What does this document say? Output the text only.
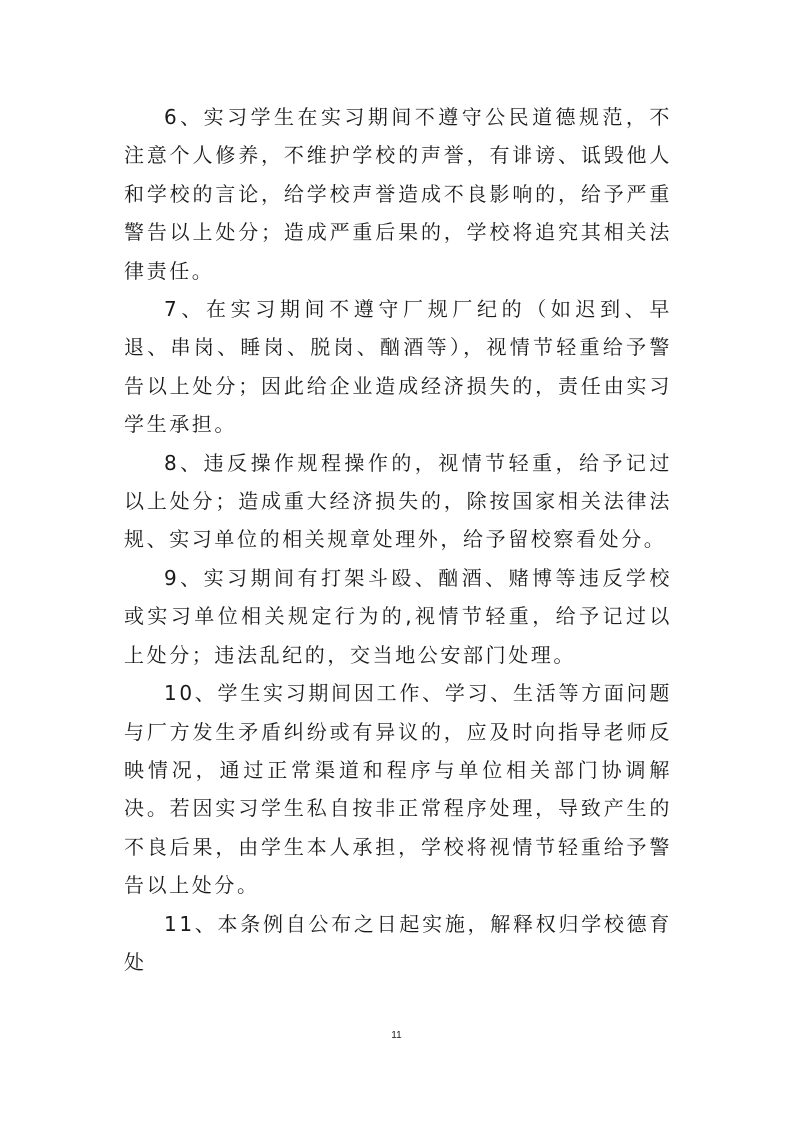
6、实习学生在实习期间不遵守公民道德规范，不注意个人修养，不维护学校的声誉，有诽谤、诋毁他人和学校的言论，给学校声誉造成不良影响的，给予严重警告以上处分；造成严重后果的，学校将追究其相关法律责任。

7、在实习期间不遵守厂规厂纪的（如迟到、早退、串岗、睡岗、脱岗、酗酒等），视情节轻重给予警告以上处分；因此给企业造成经济损失的，责任由实习学生承担。

8、违反操作规程操作的，视情节轻重，给予记过以上处分；造成重大经济损失的，除按国家相关法律法规、实习单位的相关规章处理外，给予留校察看处分。

9、实习期间有打架斗殴、酗酒、赌博等违反学校或实习单位相关规定行为的,视情节轻重，给予记过以上处分；违法乱纪的，交当地公安部门处理。

10、学生实习期间因工作、学习、生活等方面问题与厂方发生矛盾纠纷或有异议的，应及时向指导老师反映情况，通过正常渠道和程序与单位相关部门协调解决。若因实习学生私自按非正常程序处理，导致产生的不良后果，由学生本人承担，学校将视情节轻重给予警告以上处分。

11、本条例自公布之日起实施，解释权归学校德育处

11
